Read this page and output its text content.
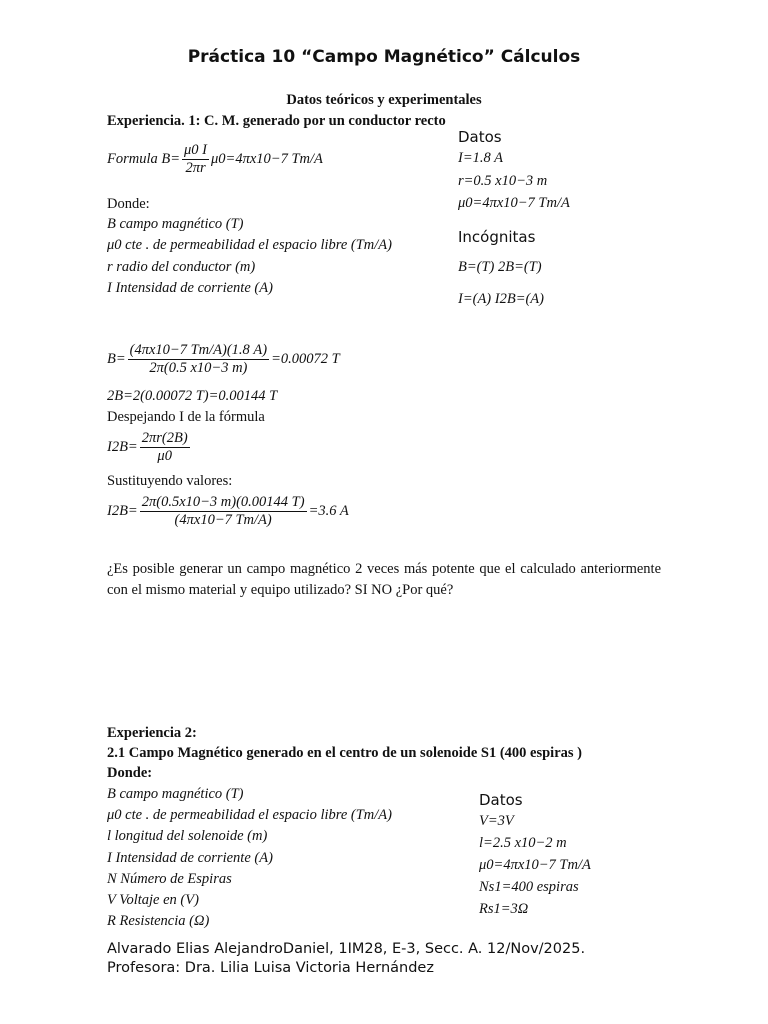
Práctica 10 “Campo Magnético” Cálculos
Datos teóricos y experimentales
Experiencia. 1: C. M. generado por un conductor recto
Formula $B= \frac{\mu 0 I}{2\pi r} \mu 0=4\pi x10-7$ Tm/A
Donde:
B campo magnético (T)
μ0 cte . de permeabilidad el espacio libre (Tm/A)
r radio del conductor (m)
I Intensidad de corriente (A)
Datos
I=1.8 A
r=0.5 x10−3 m
μ0=4πx10−7 Tm/A
Incógnitas
B=(T) 2B=(T)
I=(A) I2B=(A)
$B= \frac{(4\pi x10-7 Tm/A)(1.8 A)}{2\pi(0.5 x10-3 m)} =0.00072$ T
2B=2(0.00072 T)=0.00144 T
Despejando I de la fórmula
$I2B= \frac{2\pi r(2B)}{\mu 0}$
Sustituyendo valores:
$I2B= \frac{2\pi(0.5x10-3 m)(0.00144 T)}{(4\pi x10-7 Tm/A)} =3.6$ A
¿Es posible generar un campo magnético 2 veces más potente que el calculado anteriormente con el mismo material y equipo utilizado? SI NO ¿Por qué?
Experiencia 2:
2.1 Campo Magnético generado en el centro de un solenoide S1 (400 espiras )
Donde:
B campo magnético (T)
μ0 cte . de permeabilidad el espacio libre (Tm/A)
l longitud del solenoide (m)
I Intensidad de corriente (A)
N Número de Espiras
V Voltaje en (V)
R Resistencia (Ω)
Datos
V=3V
l=2.5 x10−2 m
μ0=4πx10−7 Tm/A
Ns1=400 espiras
Rs1=3Ω
Alvarado Elias AlejandroDaniel, 1IM28, E-3, Secc. A. 12/Nov/2025.
Profesora: Dra. Lilia Luisa Victoria Hernández
